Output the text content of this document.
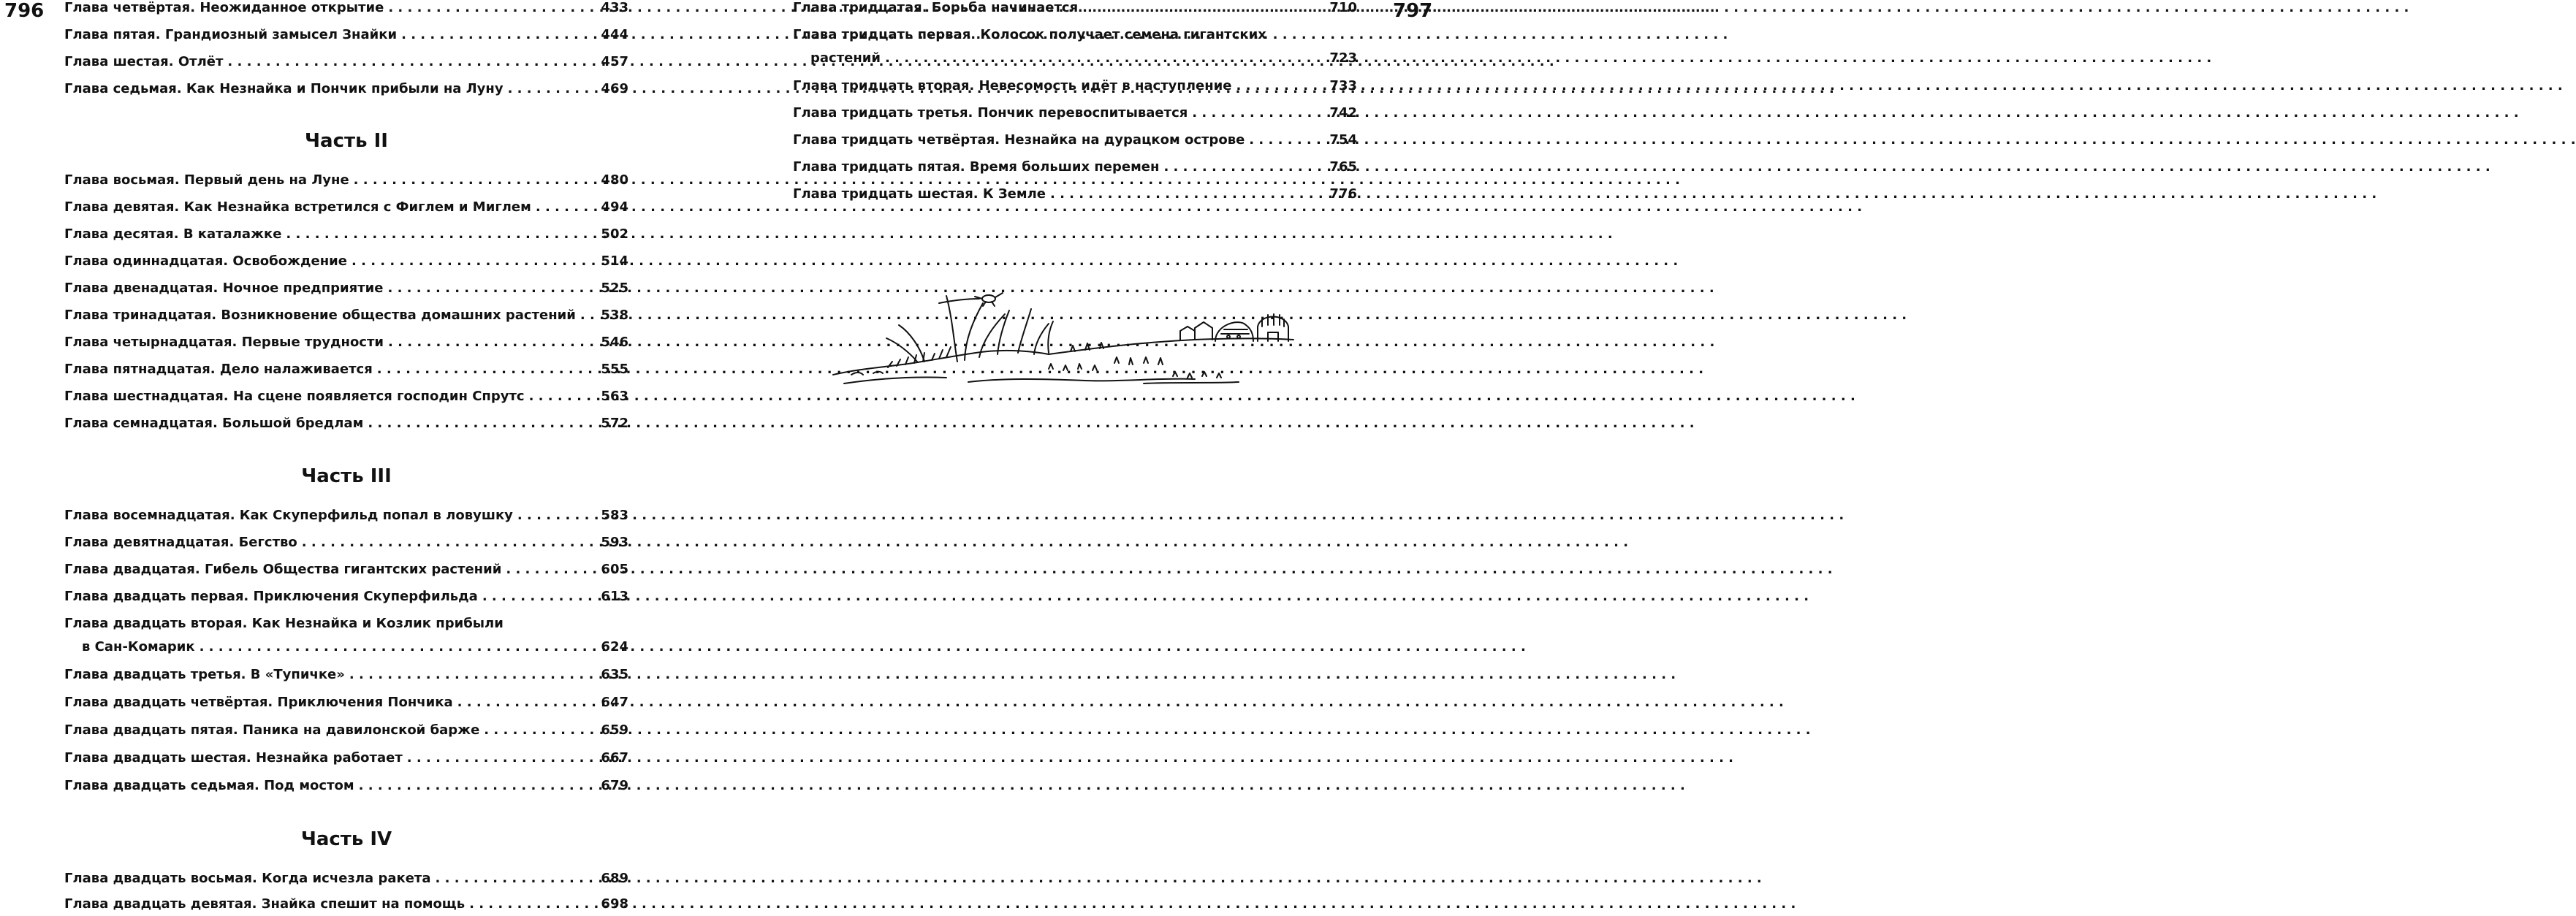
796	797
Глава четвёртая. Неожиданное открытие . . .	433
Глава пятая. Грандиозный замысел Знайки . . .	444
Глава шестая. Отлёт . . .	457
Глава седьмая. Как Незнайка и Пончик прибыли на Луну . . .	469
Часть II
Глава восьмая. Первый день на Луне . . .	480
Глава девятая. Как Незнайка встретился с Фиглем и Миглем . . .	494
Глава десятая. В каталажке . . .	502
Глава одиннадцатая. Освобождение . . .	514
Глава двенадцатая. Ночное предприятие . . .	525
Глава тринадцатая. Возникновение общества домашних растений . . . 538
Глава четырнадцатая. Первые трудности . . .	546
Глава пятнадцатая. Дело налаживается . . .	555
Глава шестнадцатая. На сцене появляется господин Спрутс . . .	563
Глава семнадцатая. Большой бредлам . . .	572
Часть III
Глава восемнадцатая. Как Скуперфильд попал в ловушку . . .	583
Глава девятнадцатая. Бегство . . .	593
Глава двадцатая. Гибель Общества гигантских растений . . .	605
Глава двадцать первая. Приключения Скуперфильда . . .	613
Глава двадцать вторая. Как Незнайка и Козлик прибыли
в Сан-Комарик . . .	624
Глава двадцать третья. В «Тупичке» . . .	635
Глава двадцать четвёртая. Приключения Пончика . . .	647
Глава двадцать пятая. Паника на давилонской барже . . .	659
Глава двадцать шестая. Незнайка работает . . .	667
Глава двадцать седьмая. Под мостом . . .	679
Часть IV
Глава двадцать восьмая. Когда исчезла ракета . . .	689
Глава двадцать девятая. Знайка спешит на помощь . . .	698
Глава тридцатая. Борьба начинается . . .	710
Глава тридцать первая. Колосок получает семена гигантских
растений . . .	723
Глава тридцать вторая. Невесомость идёт в наступление . . .	733
Глава тридцать третья. Пончик перевоспитывается . . .	742
Глава тридцать четвёртая. Незнайка на дурацком острове . . .	754
Глава тридцать пятая. Время больших перемен . . .	765
Глава тридцать шестая. К Земле . . .	776
